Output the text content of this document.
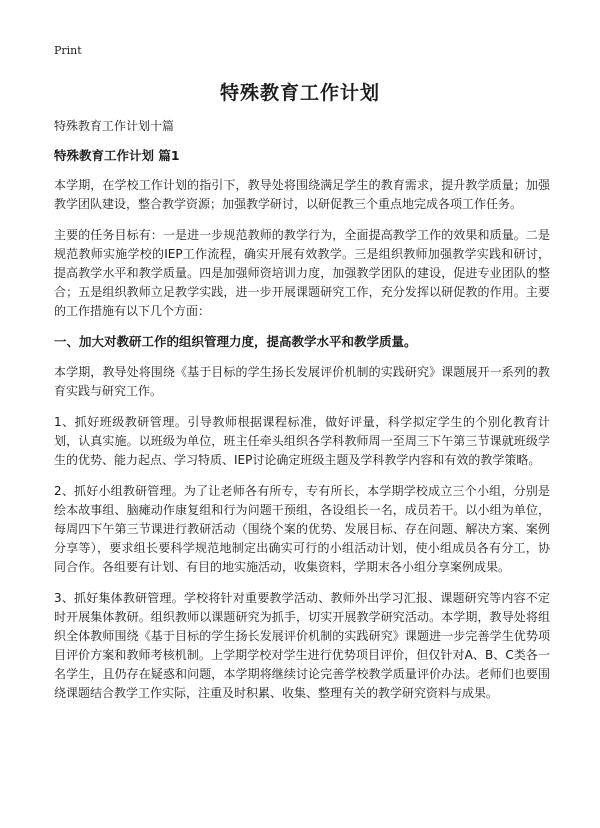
Print
特殊教育工作计划
特殊教育工作计划十篇
特殊教育工作计划 篇1

本学期，在学校工作计划的指引下，教导处将围绕满足学生的教育需求，提升教学质量；加强教学团队建设，整合教学资源；加强教学研讨，以研促教三个重点地完成各项工作任务。

主要的任务目标有：一是进一步规范教师的教学行为，全面提高教学工作的效果和质量。二是规范教师实施学校的IEP工作流程，确实开展有效教学。三是组织教师加强教学实践和研讨，提高教学水平和教学质量。四是加强师资培训力度，加强教学团队的建设，促进专业团队的整合；五是组织教师立足教学实践，进一步开展课题研究工作，充分发挥以研促教的作用。主要的工作措施有以下几个方面：

一、加大对教研工作的组织管理力度，提高教学水平和教学质量。

本学期，教导处将围绕《基于目标的学生扬长发展评价机制的实践研究》课题展开一系列的教育实践与研究工作。

1、抓好班级教研管理。引导教师根据课程标准，做好评量，科学拟定学生的个别化教育计划，认真实施。以班级为单位，班主任牵头组织各学科教师周一至周三下午第三节课就班级学生的优势、能力起点、学习特质、IEP讨论确定班级主题及学科教学内容和有效的教学策略。

2、抓好小组教研管理。为了让老师各有所专，专有所长，本学期学校成立三个小组，分别是绘本故事组、脑瘫动作康复组和行为问题干预组，各设组长一名，成员若干。以小组为单位，每周四下午第三节课进行教研活动（围绕个案的优势、发展目标、存在问题、解决方案、案例分享等），要求组长要科学规范地制定出确实可行的小组活动计划，使小组成员各有分工，协同合作。各组要有计划、有目的地实施活动，收集资料，学期末各小组分享案例成果。

3、抓好集体教研管理。学校将针对重要教学活动、教师外出学习汇报、课题研究等内容不定时开展集体教研。组织教师以课题研究为抓手，切实开展教学研究活动。本学期，教导处将组织全体教师围绕《基于目标的学生扬长发展评价机制的实践研究》课题进一步完善学生优势项目评价方案和教师考核机制。上学期学校对学生进行优势项目评价，但仅针对A、B、C类各一名学生，且仍存在疑惑和问题，本学期将继续讨论完善学校教学质量评价办法。老师们也要围绕课题结合教学工作实际，注重及时积累、收集、整理有关的教学研究资料与成果。
